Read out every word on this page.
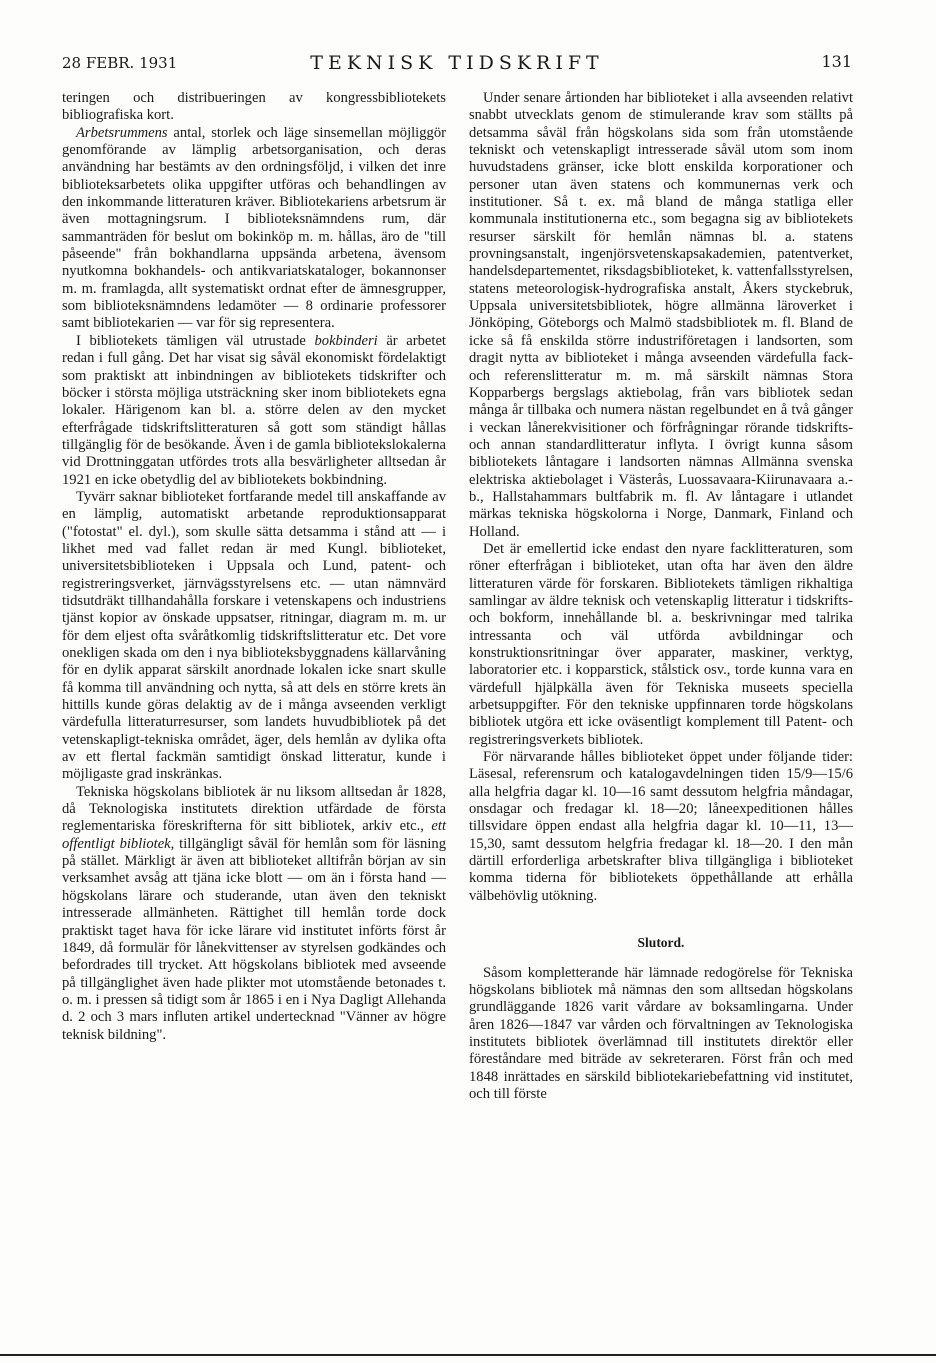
28 FEBR. 1931	TEKNISK TIDSKRIFT	131

teringen och distribueringen av kongressbibliotekets bibliografiska kort.

Arbetsrummens antal, storlek och läge sinsemellan möjliggör genomförande av lämplig arbetsorganisation, och deras användning har bestämts av den ordningsföljd, i vilken det inre biblioteksarbetets olika uppgifter utföras och behandlingen av den inkommande litteraturen kräver. Bibliotekariens arbetsrum är även mottagningsrum. I biblioteksnämndens rum, där sammanträden för beslut om bokinköp m. m. hållas, äro de "till påseende" från bokhandlarna uppsända arbetena, ävensom nyutkomna bokhandels- och antikvariatskataloger, bokannonser m. m. framlagda, allt systematiskt ordnat efter de ämnesgrupper, som biblioteksnämndens ledamöter — 8 ordinarie professorer samt bibliotekarien — var för sig representera.

I bibliotekets tämligen väl utrustade bokbinderi är arbetet redan i full gång. Det har visat sig såväl ekonomiskt fördelaktigt som praktiskt att inbindningen av bibliotekets tidskrifter och böcker i största möjliga utsträckning sker inom bibliotekets egna lokaler. Härigenom kan bl. a. större delen av den mycket efterfrågade tidskriftslitteraturen så gott som ständigt hållas tillgänglig för de besökande. Även i de gamla bibliotekslokalerna vid Drottninggatan utfördes trots alla besvärligheter alltsedan år 1921 en icke obetydlig del av bibliotekets bokbindning.

Tyvärr saknar biblioteket fortfarande medel till anskaffande av en lämplig, automatiskt arbetande reproduktionsapparat ("fotostat" el. dyl.), som skulle sätta detsamma i stånd att — i likhet med vad fallet redan är med Kungl. biblioteket, universitetsbiblioteken i Uppsala och Lund, patent- och registreringsverket, järnvägsstyrelsens etc. — utan nämnvärd tidsutdräkt tillhandahålla forskare i vetenskapens och industriens tjänst kopior av önskade uppsatser, ritningar, diagram m. m. ur för dem eljest ofta svåråtkomlig tidskriftslitteratur etc. Det vore onekligen skada om den i nya biblioteksbyggnadens källarvåning för en dylik apparat särskilt anordnade lokalen icke snart skulle få komma till användning och nytta, så att dels en större krets än hittills kunde göras delaktig av de i många avseenden verkligt värdefulla litteraturresurser, som landets huvudbibliotek på det vetenskapligt-tekniska området, äger, dels hemlån av dylika ofta av ett flertal fackmän samtidigt önskad litteratur, kunde i möjligaste grad inskränkas.

Tekniska högskolans bibliotek är nu liksom alltsedan år 1828, då Teknologiska institutets direktion utfärdade de första reglementariska föreskrifterna för sitt bibliotek, arkiv etc., ett offentligt bibliotek, tillgängligt såväl för hemlån som för läsning på stället. Märkligt är även att biblioteket alltifrån början av sin verksamhet avsåg att tjäna icke blott — om än i första hand — högskolans lärare och studerande, utan även den tekniskt intresserade allmänheten. Rättighet till hemlån torde dock praktiskt taget hava för icke lärare vid institutet införts först år 1849, då formulär för lånekvittenser av styrelsen godkändes och befordrades till trycket. Att högskolans bibliotek med avseende på tillgänglighet även hade plikter mot utomstående betonades t. o. m. i pressen så tidigt som år 1865 i en i Nya Dagligt Allehanda d. 2 och 3 mars influten artikel undertecknad "Vänner av högre teknisk bildning".

Under senare årtionden har biblioteket i alla avseenden relativt snabbt utvecklats genom de stimulerande krav som ställts på detsamma såväl från högskolans sida som från utomstående tekniskt och vetenskapligt intresserade såväl utom som inom huvudstadens gränser, icke blott enskilda korporationer och personer utan även statens och kommunernas verk och institutioner. Så t. ex. må bland de många statliga eller kommunala institutionerna etc., som begagna sig av bibliotekets resurser särskilt för hemlån nämnas bl. a. statens provningsanstalt, ingenjörsvetenskapsakademien, patentverket, handelsdepartementet, riksdagsbiblioteket, k. vattenfallsstyrelsen, statens meteorologisk-hydrografiska anstalt, Åkers styckebruk, Uppsala universitetsbibliotek, högre allmänna läroverket i Jönköping, Göteborgs och Malmö stadsbibliotek m. fl. Bland de icke så få enskilda större industriföretagen i landsorten, som dragit nytta av biblioteket i många avseenden värdefulla fack- och referenslitteratur m. m. må särskilt nämnas Stora Kopparbergs bergslags aktiebolag, från vars bibliotek sedan många år tillbaka och numera nästan regelbundet en å två gånger i veckan lånerekvisitioner och förfrågningar rörande tidskrifts- och annan standardlitteratur inflyta. I övrigt kunna såsom bibliotekets låntagare i landsorten nämnas Allmänna svenska elektriska aktiebolaget i Västerås, Luossavaara-Kiirunavaara a.-b., Hallstahammars bultfabrik m. fl. Av låntagare i utlandet märkas tekniska högskolorna i Norge, Danmark, Finland och Holland.

Det är emellertid icke endast den nyare facklitteraturen, som röner efterfrågan i biblioteket, utan ofta har även den äldre litteraturen värde för forskaren. Bibliotekets tämligen rikhaltiga samlingar av äldre teknisk och vetenskaplig litteratur i tidskrifts- och bokform, innehållande bl. a. beskrivningar med talrika intressanta och väl utförda avbildningar och konstruktionsritningar över apparater, maskiner, verktyg, laboratorier etc. i kopparstick, stålstick osv., torde kunna vara en värdefull hjälpkälla även för Tekniska museets speciella arbetsuppgifter. För den tekniske uppfinnaren torde högskolans bibliotek utgöra ett icke oväsentligt komplement till Patent- och registreringsverkets bibliotek.

För närvarande hålles biblioteket öppet under följande tider: Läsesal, referensrum och katalogavdelningen tiden 15/9—15/6 alla helgfria dagar kl. 10—16 samt dessutom helgfria måndagar, onsdagar och fredagar kl. 18—20; låneexpeditionen hålles tillsvidare öppen endast alla helgfria dagar kl. 10—11, 13—15,30, samt dessutom helgfria fredagar kl. 18—20. I den mån därtill erforderliga arbetskrafter bliva tillgängliga i biblioteket komma tiderna för bibliotekets öppethållande att erhålla välbehövlig utökning.

Slutord.

Såsom kompletterande här lämnade redogörelse för Tekniska högskolans bibliotek må nämnas den som alltsedan högskolans grundläggande 1826 varit vårdare av boksamlingarna. Under åren 1826—1847 var vården och förvaltningen av Teknologiska institutets bibliotek överlämnad till institutets direktör eller föreståndare med biträde av sekreteraren. Först från och med 1848 inrättades en särskild bibliotekariebefattning vid institutet, och till förste
